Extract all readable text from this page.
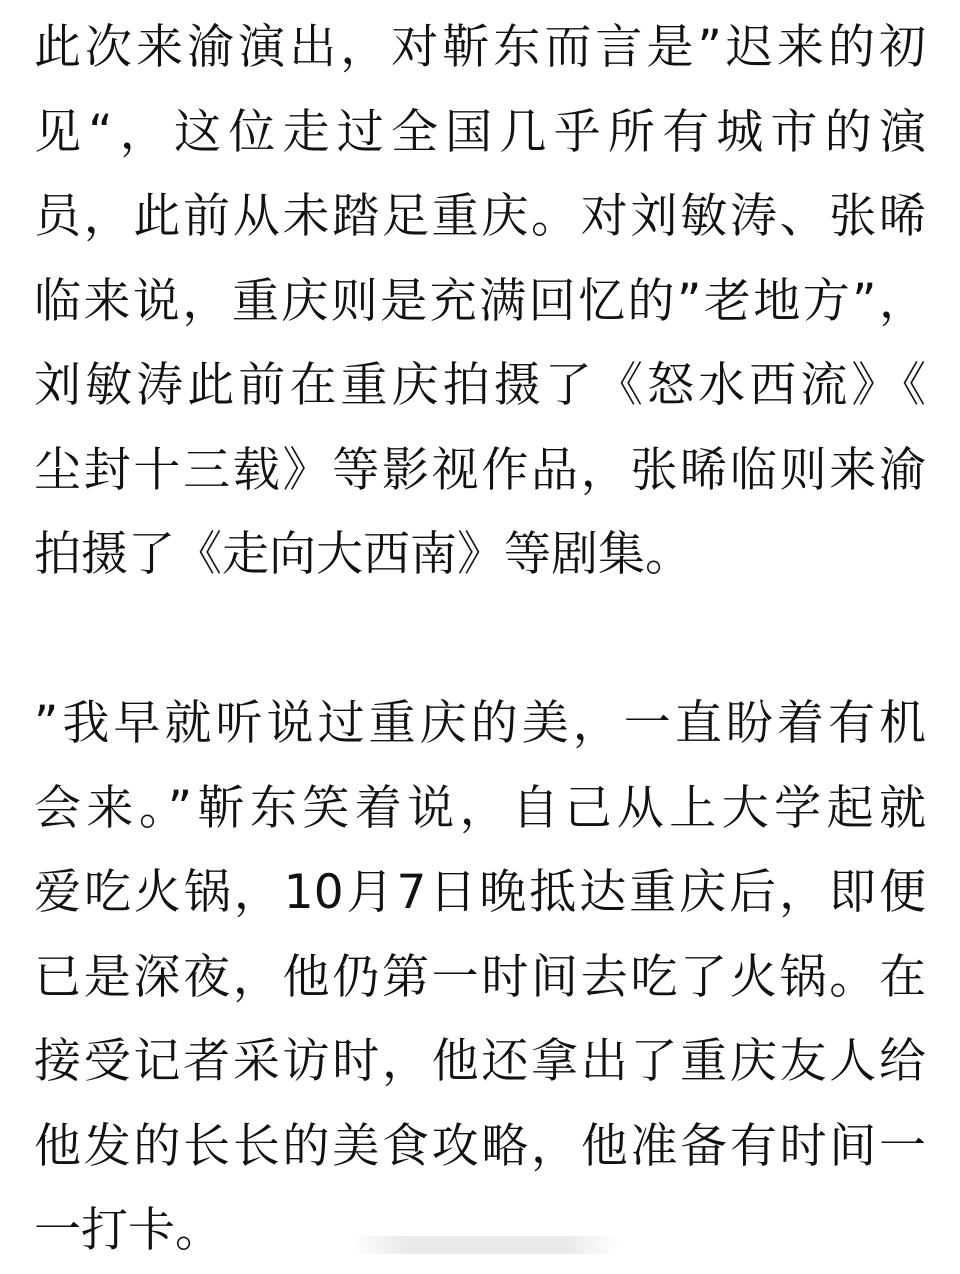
此次来渝演出，对靳东而言是”迟来的初
见“，这位走过全国几乎所有城市的演
员，此前从未踏足重庆。对刘敏涛、张晞
临来说，重庆则是充满回忆的”老地方”，
刘敏涛此前在重庆拍摄了《怒水西流》《
尘封十三载》等影视作品，张晞临则来渝
拍摄了《走向大西南》等剧集。
”我早就听说过重庆的美，一直盼着有机
会来。”靳东笑着说，自己从上大学起就
爱吃火锅，10月7日晚抵达重庆后，即便
已是深夜，他仍第一时间去吃了火锅。在
接受记者采访时，他还拿出了重庆友人给
他发的长长的美食攻略，他准备有时间一
一打卡。
